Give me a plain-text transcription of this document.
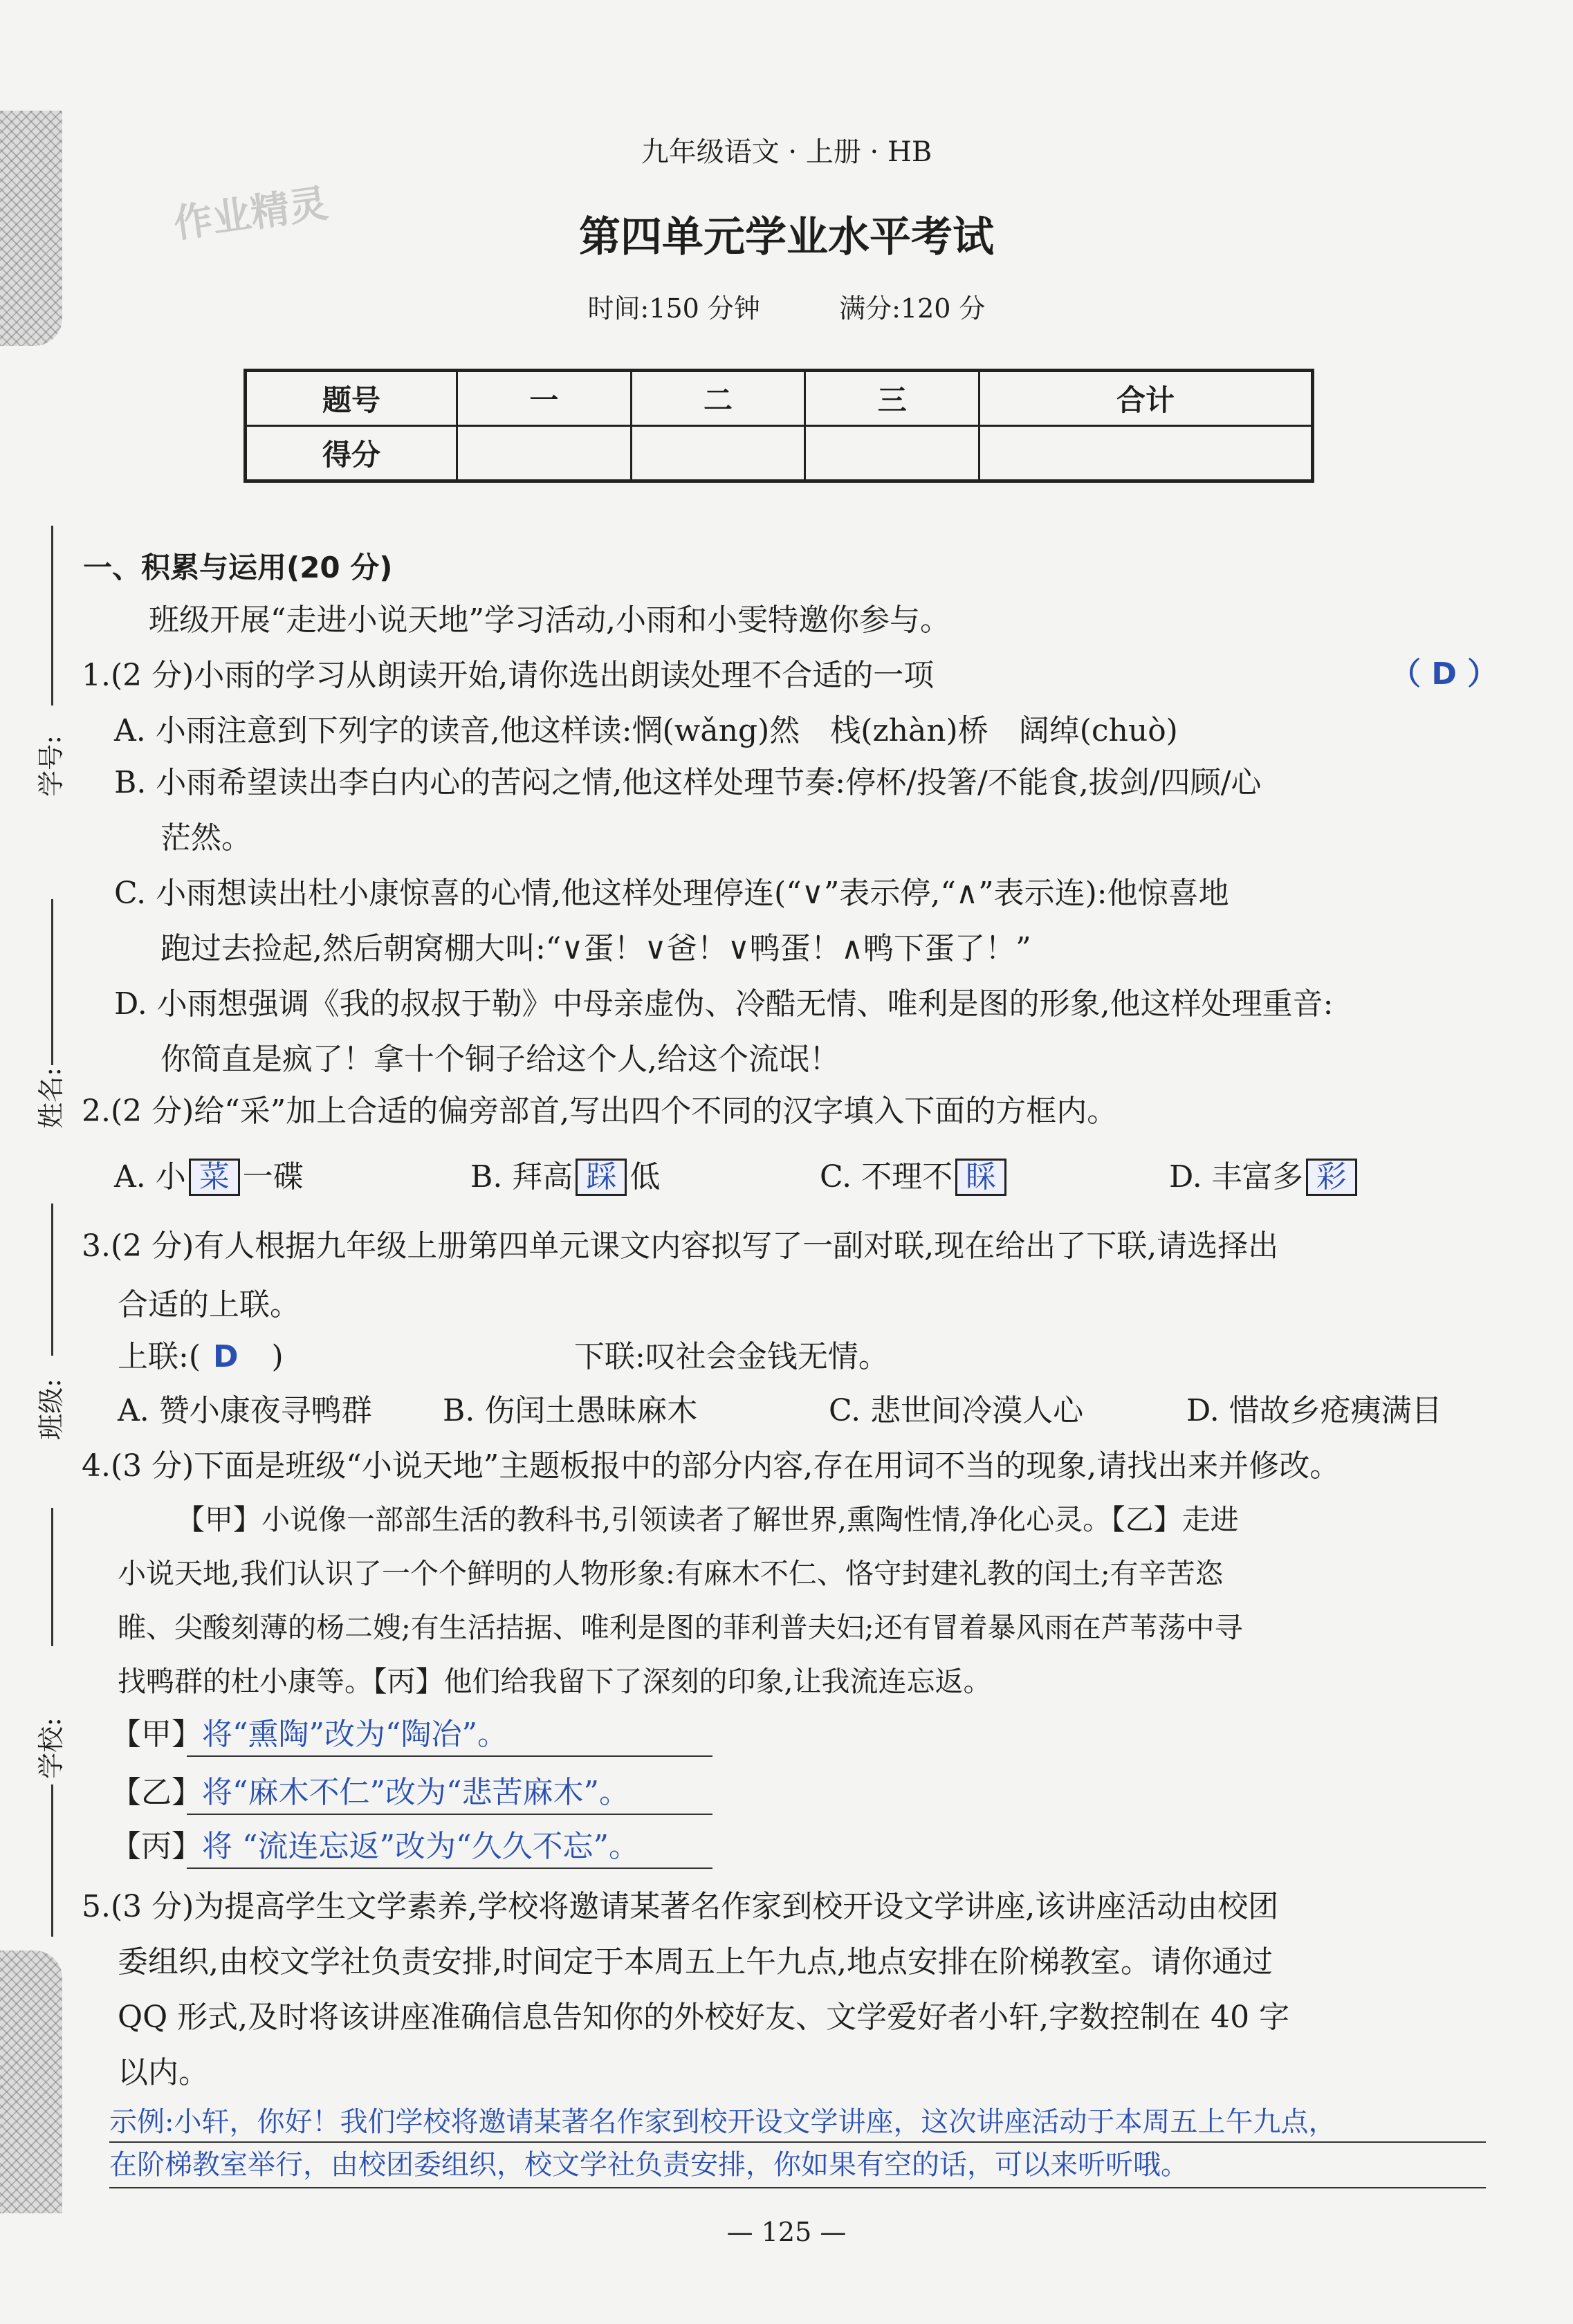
学号:
姓名:
班级:
学校:
作业精灵
九年级语文 · 上册 · HB
第四单元学业水平考试
时间:150 分钟	满分:120 分
题号	一	二	三	合计
得分				
一、积累与运用(20 分)
班级开展“走进小说天地”学习活动,小雨和小雯特邀你参与。
1.(2 分)小雨的学习从朗读开始,请你选出朗读处理不合适的一项	（ D ）
A. 小雨注意到下列字的读音,他这样读:惘(wǎng)然　栈(zhàn)桥　阔绰(chuò)
B. 小雨希望读出李白内心的苦闷之情,他这样处理节奏:停杯/投箸/不能食,拔剑/四顾/心
茫然。
C. 小雨想读出杜小康惊喜的心情,他这样处理停连(“∨”表示停,“∧”表示连):他惊喜地
跑过去捡起,然后朝窝棚大叫:“∨蛋！∨爸！∨鸭蛋！∧鸭下蛋了！”
D. 小雨想强调《我的叔叔于勒》中母亲虚伪、冷酷无情、唯利是图的形象,他这样处理重音:
你简直是疯了！拿十个铜子给这个人,给这个流氓！
2.(2 分)给“采”加上合适的偏旁部首,写出四个不同的汉字填入下面的方框内。
A. 小 菜 一碟	B. 拜高 踩 低	C. 不理不 睬	D. 丰富多 彩
3.(2 分)有人根据九年级上册第四单元课文内容拟写了一副对联,现在给出了下联,请选择出
合适的上联。
上联:( D )	下联:叹社会金钱无情。
A. 赞小康夜寻鸭群 B. 伤闰土愚昧麻木	C. 悲世间冷漠人心	D. 惜故乡疮痍满目
4.(3 分)下面是班级“小说天地”主题板报中的部分内容,存在用词不当的现象,请找出来并修改。
【甲】小说像一部部生活的教科书,引领读者了解世界,熏陶性情,净化心灵。【乙】走进
小说天地,我们认识了一个个鲜明的人物形象:有麻木不仁、恪守封建礼教的闰土;有辛苦恣
睢、尖酸刻薄的杨二嫂;有生活拮据、唯利是图的菲利普夫妇;还有冒着暴风雨在芦苇荡中寻
找鸭群的杜小康等。【丙】他们给我留下了深刻的印象,让我流连忘返。
【甲】将“熏陶”改为“陶冶”。
【乙】将“麻木不仁”改为“悲苦麻木”。
【丙】将 “流连忘返”改为“久久不忘”。
5.(3 分)为提高学生文学素养,学校将邀请某著名作家到校开设文学讲座,该讲座活动由校团
委组织,由校文学社负责安排,时间定于本周五上午九点,地点安排在阶梯教室。请你通过
QQ 形式,及时将该讲座准确信息告知你的外校好友、文学爱好者小轩,字数控制在 40 字
以内。
示例:小轩，你好！我们学校将邀请某著名作家到校开设文学讲座，这次讲座活动于本周五上午九点，
在阶梯教室举行，由校团委组织，校文学社负责安排，你如果有空的话，可以来听听哦。
— 125 —
